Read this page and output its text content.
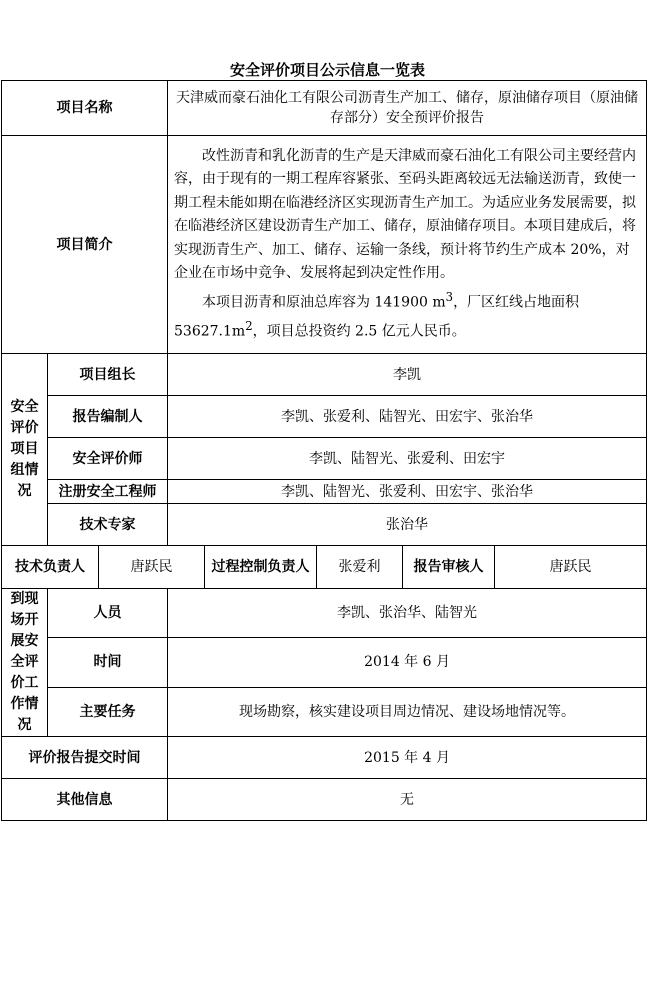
安全评价项目公示信息一览表
项目名称			天津威而豪石油化工有限公司沥青生产加工、储存，原油储存项目（原油储存部分）安全预评价报告				
项目简介			改性沥青和乳化沥青的生产是天津威而豪石油化工有限公司主要经营内容，由于现有的一期工程库容紧张、至码头距离较远无法输送沥青，致使一期工程未能如期在临港经济区实现沥青生产加工。为适应业务发展需要，拟在临港经济区建设沥青生产加工、储存，原油储存项目。本项目建成后，将实现沥青生产、加工、储存、运输一条线，预计将节约生产成本 20%，对企业在市场中竞争、发展将起到决定性作用。

本项目沥青和原油总库容为 141900 $m^3$，厂区红线占地面积 $53627.1m^2$，项目总投资约 2.5 亿元人民币。				

安全评价项目组情况	项目组长		李凯				
	报告编制人		李凯、张爱利、陆智光、田宏宇、张治华				
	安全评价师		李凯、陆智光、张爱利、田宏宇				
	注册安全工程师		李凯、陆智光、张爱利、田宏宇、张治华				
	技术专家		张治华				
技术负责人		唐跃民		过程控制负责人	张爱利	报告审核人	唐跃民
到现场开展安全评价工作情况	人员		李凯、张治华、陆智光				
	时间		2014 年 6 月				
	主要任务		现场勘察，核实建设项目周边情况、建设场地情况等。				
评价报告提交时间			2015 年 4 月				
其他信息			无				
